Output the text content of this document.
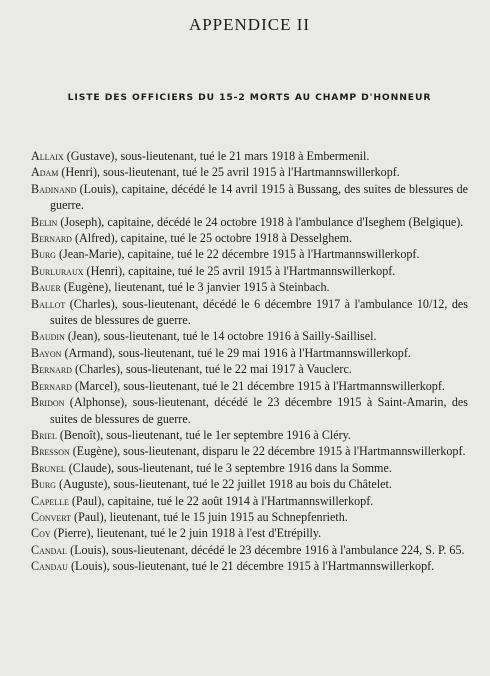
APPENDICE II
LISTE DES OFFICIERS DU 15-2 MORTS AU CHAMP D'HONNEUR

Allaix (Gustave), sous-lieutenant, tué le 21 mars 1918 à Embermenil.

Adam (Henri), sous-lieutenant, tué le 25 avril 1915 à l'Hartmannswillerkopf.

Badinand (Louis), capitaine, décédé le 14 avril 1915 à Bussang, des suites de blessures de guerre.

Belin (Joseph), capitaine, décédé le 24 octobre 1918 à l'ambulance d'Iseghem (Belgique).

Bernard (Alfred), capitaine, tué le 25 octobre 1918 à Desselghem.

Burg (Jean-Marie), capitaine, tué le 22 décembre 1915 à l'Hartmannswillerkopf.

Burluraux (Henri), capitaine, tué le 25 avril 1915 à l'Hartmannswillerkopf.

Bauer (Eugène), lieutenant, tué le 3 janvier 1915 à Steinbach.

Ballot (Charles), sous-lieutenant, décédé le 6 décembre 1917 à l'ambulance 10/12, des suites de blessures de guerre.

Baudin (Jean), sous-lieutenant, tué le 14 octobre 1916 à Sailly-Saillisel.

Bayon (Armand), sous-lieutenant, tué le 29 mai 1916 à l'Hartmannswillerkopf.

Bernard (Charles), sous-lieutenant, tué le 22 mai 1917 à Vauclerc.

Bernard (Marcel), sous-lieutenant, tué le 21 décembre 1915 à l'Hartmannswillerkopf.

Bridon (Alphonse), sous-lieutenant, décédé le 23 décembre 1915 à Saint-Amarin, des suites de blessures de guerre.

Briel (Benoît), sous-lieutenant, tué le 1er septembre 1916 à Cléry.

Bresson (Eugène), sous-lieutenant, disparu le 22 décembre 1915 à l'Hartmannswillerkopf.

Brunel (Claude), sous-lieutenant, tué le 3 septembre 1916 dans la Somme.

Burg (Auguste), sous-lieutenant, tué le 22 juillet 1918 au bois du Châtelet.

Capelle (Paul), capitaine, tué le 22 août 1914 à l'Hartmannswillerkopf.

Convert (Paul), lieutenant, tué le 15 juin 1915 au Schnepfenrieth.

Coy (Pierre), lieutenant, tué le 2 juin 1918 à l'est d'Etrépilly.

Candal (Louis), sous-lieutenant, décédé le 23 décembre 1916 à l'ambulance 224, S. P. 65.

Candau (Louis), sous-lieutenant, tué le 21 décembre 1915 à l'Hartmannswillerkopf.
